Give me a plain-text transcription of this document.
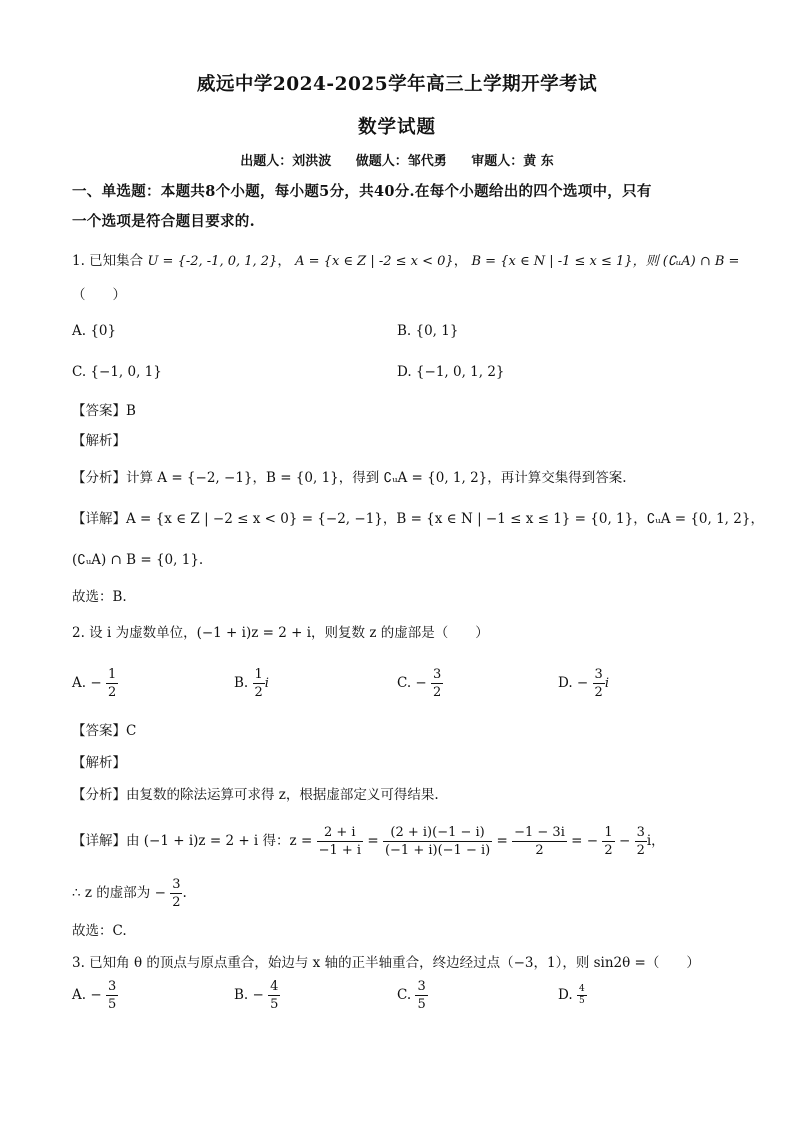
威远中学2024-2025学年高三上学期开学考试
数学试题
出题人：刘洪波 做题人：邹代勇 审题人：黄 东
一、单选题：本题共8个小题，每小题5分，共40分.在每个小题给出的四个选项中，只有
一个选项是符合题目要求的.
1. 已知集合 U = {-2, -1, 0, 1, 2}， A = {x ∈ Z | -2 ≤ x < 0}， B = {x ∈ N | -1 ≤ x ≤ 1}，则 (∁ᵤA) ∩ B =
（　　）
A. {0}	B. {0, 1}
C. {−1, 0, 1}	D. {−1, 0, 1, 2}
【答案】B
【解析】
【分析】计算 A = {−2, −1}，B = {0, 1}，得到 ∁ᵤA = {0, 1, 2}，再计算交集得到答案.
【详解】A = {x ∈ Z | −2 ≤ x < 0} = {−2, −1}，B = {x ∈ N | −1 ≤ x ≤ 1} = {0, 1}，∁ᵤA = {0, 1, 2}，
(∁ᵤA) ∩ B = {0, 1}.
故选：B.
2. 设 i 为虚数单位，(−1 + i)z = 2 + i，则复数 z 的虚部是（　　）
A. − $\frac{1}{2}$	B. $\frac{1}{2}$ i	C. − $\frac{3}{2}$	D. − $\frac{3}{2}$ i
【答案】C
【解析】
【分析】由复数的除法运算可求得 z，根据虚部定义可得结果.
【详解】由 (−1 + i)z = 2 + i 得：$z = \frac{2 + i}{-1 + i} = \frac{(2 + i)(-1 - i)}{(-1 + i)(-1 - i)} = \frac{-1 - 3i}{2}$ = − $\frac{1}{2} - \frac{3}{2}$ i，
∴ z 的虚部为 − $\frac{3}{2}$ .
故选：C.
3. 已知角 θ 的顶点与原点重合，始边与 x 轴的正半轴重合，终边经过点（−3，1），则 sin2θ =（　　）
A. − $\frac{3}{5}$	B. − $\frac{4}{5}$	C. $\frac{3}{5}$	D. $\frac{4}{5}$
